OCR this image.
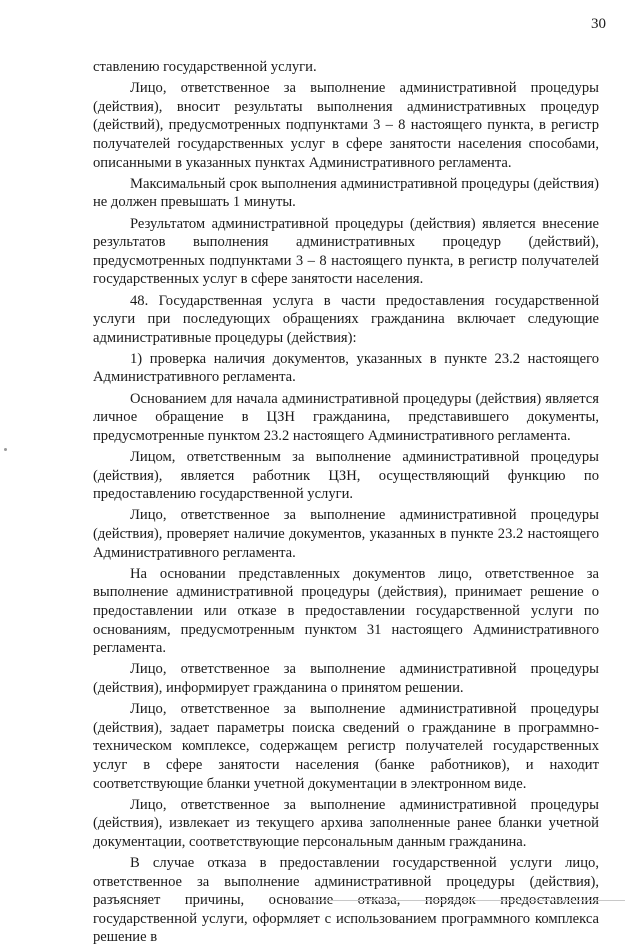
30

ставлению государственной услуги.

Лицо, ответственное за выполнение административной процедуры (действия), вносит результаты выполнения административных процедур (действий), предусмотренных подпунктами 3 – 8 настоящего пункта, в регистр получателей государственных услуг в сфере занятости населения способами, описанными в указанных пунктах Административного регламента.

Максимальный срок выполнения административной процедуры (действия) не должен превышать 1 минуты.

Результатом административной процедуры (действия) является внесение результатов выполнения административных процедур (действий), предусмотренных подпунктами 3 – 8 настоящего пункта, в регистр получателей государственных услуг в сфере занятости населения.

48. Государственная услуга в части предоставления государственной услуги при последующих обращениях гражданина включает следующие административные процедуры (действия):

1) проверка наличия документов, указанных в пункте 23.2 настоящего Административного регламента.

Основанием для начала административной процедуры (действия) является личное обращение в ЦЗН гражданина, представившего документы, предусмотренные пунктом 23.2 настоящего Административного регламента.

Лицом, ответственным за выполнение административной процедуры (действия), является работник ЦЗН, осуществляющий функцию по предоставлению государственной услуги.

Лицо, ответственное за выполнение административной процедуры (действия), проверяет наличие документов, указанных в пункте 23.2 настоящего Административного регламента.

На основании представленных документов лицо, ответственное за выполнение административной процедуры (действия), принимает решение о предоставлении или отказе в предоставлении государственной услуги по основаниям, предусмотренным пунктом 31 настоящего Административного регламента.

Лицо, ответственное за выполнение административной процедуры (действия), информирует гражданина о принятом решении.

Лицо, ответственное за выполнение административной процедуры (действия), задает параметры поиска сведений о гражданине в программно-техническом комплексе, содержащем регистр получателей государственных услуг в сфере занятости населения (банке работников), и находит соответствующие бланки учетной документации в электронном виде.

Лицо, ответственное за выполнение административной процедуры (действия), извлекает из текущего архива заполненные ранее бланки учетной документации, соответствующие персональным данным гражданина.

В случае отказа в предоставлении государственной услуги лицо, ответственное за выполнение административной процедуры (действия), разъясняет причины, основание отказа, порядок предоставления государственной услуги, оформляет с использованием программного комплекса решение в
